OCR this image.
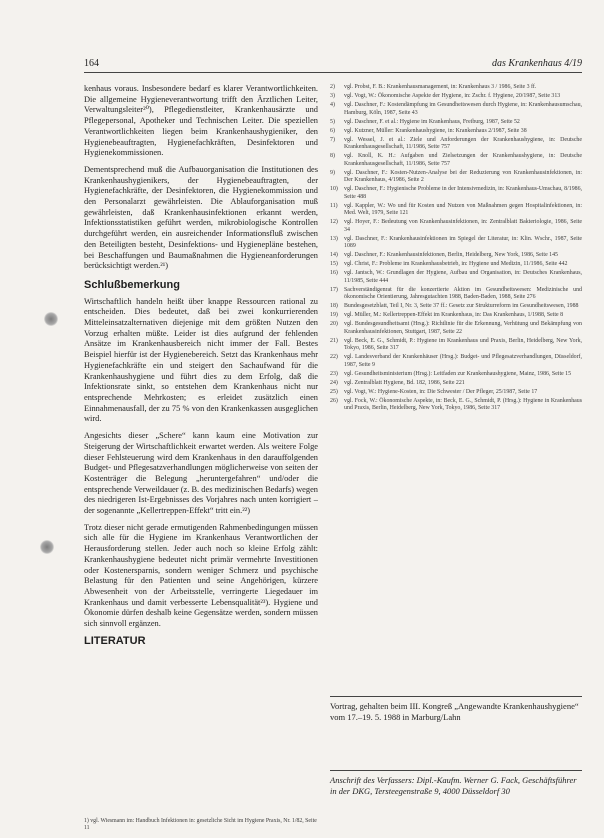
164	das Krankenhaus 4/19

kenhaus voraus. Insbesondere bedarf es klarer Verantwortlichkeiten. Die allgemeine Hygieneverantwortung trifft den Ärztlichen Leiter, Verwaltungsleiter²⁰), Pflegedienstleiter, Krankenhausärzte und Pflegepersonal, Apotheker und Technischen Leiter. Die speziellen Verantwortlichkeiten liegen beim Krankenhaushygieniker, den Hygienebeauftragten, Hygienefachkräften, Desinfektoren und Hygienekommissionen.

Dementsprechend muß die Aufbauorganisation die Institutionen des Krankenhaushygienikers, der Hygienebeauftragten, der Hygienefachkräfte, der Desinfektoren, die Hygienekommission und den Personalarzt gewährleisten. Die Ablauforganisation muß gewährleisten, daß Krankenhausinfektionen erkannt werden, Infektionsstatistiken geführt werden, mikrobiologische Kontrollen durchgeführt werden, ein ausreichender Informationsfluß zwischen den Beteiligten besteht, Desinfektions- und Hygienepläne bestehen, bei Beschaffungen und Baumaßnahmen die Hygieneanforderungen berücksichtigt werden.²¹)

Schlußbemerkung

Wirtschaftlich handeln heißt über knappe Ressourcen rational zu entscheiden. Dies bedeutet, daß bei zwei konkurrierenden Mitteleinsatzalternativen diejenige mit dem größten Nutzen den Vorzug erhalten müßte. Leider ist dies aufgrund der fehlenden Ansätze im Krankenhausbereich nicht immer der Fall. Bestes Beispiel hierfür ist der Hygienebereich. Setzt das Krankenhaus mehr Hygienefachkräfte ein und steigert den Sachaufwand für die Krankenhaushygiene und führt dies zu dem Erfolg, daß die Infektionsrate sinkt, so entstehen dem Krankenhaus nicht nur entsprechende Mehrkosten; es erleidet zusätzlich einen Einnahmenausfall, der zu 75 % von den Krankenkassen ausgeglichen wird.

Angesichts dieser „Schere“ kann kaum eine Motivation zur Steigerung der Wirtschaftlichkeit erwartet werden. Als weitere Folge dieser Fehlsteuerung wird dem Krankenhaus in den darauffolgenden Budget- und Pflegesatzverhandlungen möglicherweise von seiten der Kostenträger die Belegung „heruntergefahren“ und/oder die entsprechende Verweildauer (z. B. des medizinischen Bedarfs) wegen des niedrigeren Ist-Ergebnisses des Vorjahres nach unten korrigiert – der sogenannte „Kellertreppen-Effekt“ tritt ein.²²)

Trotz dieser nicht gerade ermutigenden Rahmenbedingungen müssen sich alle für die Hygiene im Krankenhaus Verantwortlichen der Herausforderung stellen. Jeder auch noch so kleine Erfolg zählt: Krankenhaushygiene bedeutet nicht primär vermehrte Investitionen oder Kostenersparnis, sondern weniger Schmerz und psychische Belastung für den Patienten und seine Angehörigen, kürzere Abwesenheit von der Arbeitsstelle, verringerte Liegedauer im Krankenhaus und damit verbesserte Lebensqualität²³). Hygiene und Ökonomie dürfen deshalb keine Gegensätze werden, sondern müssen sich sinnvoll ergänzen.

LITERATUR
1) vgl. Wiesmann im: Handbuch Infektionen in: gesetzliche Sicht im Hygiene Praxis, Nr. 1/82, Seite 11
2)	vgl. Probst, F. B.: Krankenhausmanagement, in: Krankenhaus 3 / 1986, Seite 3 ff.
3)	vgl. Vogt, W.: Ökonomische Aspekte der Hygiene, in: Zschr. f. Hygiene, 20/1987, Seite 313
4)	vgl. Daschner, F.: Kostendämpfung im Gesundheitswesen durch Hygiene, in: Krankenhausumschau, Hamburg, Köln, 1987, Seite 43
5)	vgl. Daschner, F. et al.: Hygiene im Krankenhaus, Freiburg, 1987, Seite 52
6)	vgl. Kutzner, Müller: Krankenhaushygiene, in: Krankenhaus 2/1987, Seite 38
7)	vgl. Wessel, J. et al.: Ziele und Anforderungen der Krankenhaushygiene, in: Deutsche Krankenhausgesellschaft, 11/1986, Seite 757
8)	vgl. Knoll, K. H.: Aufgaben und Zielsetzungen der Krankenhaushygiene, in: Deutsche Krankenhausgesellschaft, 11/1986, Seite 757
9)	vgl. Daschner, F.: Kosten-Nutzen-Analyse bei der Reduzierung von Krankenhausinfektionen, in: Der Krankenhaus, 4/1986, Seite 2
10)	vgl. Daschner, F.: Hygienische Probleme in der Intensivmedizin, in: Krankenhaus-Umschau, 8/1986, Seite 488
11)	vgl. Kappler, W.: Wo und für Kosten und Nutzen von Maßnahmen gegen Hospitalinfektionen, in: Med. Welt, 1979, Seite 121
12)	vgl. Hoyer, F.: Bedeutung von Krankenhausinfektionen, in: Zentralblatt Bakteriologie, 1986, Seite 34
13)	vgl. Daschner, F.: Krankenhausinfektionen im Spiegel der Literatur, in: Klin. Wschr., 1987, Seite 1089
14)	vgl. Daschner, F.: Krankenhausinfektionen, Berlin, Heidelberg, New York, 1986, Seite 145
15)	vgl. Christ, F.: Probleme im Krankenhausbetrieb, in: Hygiene und Medizin, 11/1986, Seite 442
16)	vgl. Jantsch, W.: Grundlagen der Hygiene, Aufbau und Organisation, in: Deutsches Krankenhaus, 11/1985, Seite 444
17)	Sachverständigenrat für die konzertierte Aktion im Gesundheitswesen: Medizinische und ökonomische Orientierung, Jahresgutachten 1988, Baden-Baden, 1988, Seite 276
18)	Bundesgesetzblatt, Teil I, Nr. 3, Seite 37 ff.: Gesetz zur Strukturreform im Gesundheitswesen, 1988
19)	vgl. Müller, M.: Kellertreppen-Effekt im Krankenhaus, in: Das Krankenhaus, 1/1988, Seite 8
20)	vgl. Bundesgesundheitsamt (Hrsg.): Richtlinie für die Erkennung, Verhütung und Bekämpfung von Krankenhausinfektionen, Stuttgart, 1987, Seite 22
21)	vgl. Beck, E. G., Schmidt, P.: Hygiene im Krankenhaus und Praxis, Berlin, Heidelberg, New York, Tokyo, 1986, Seite 317
22)	vgl. Landesverband der Krankenhäuser (Hrsg.): Budget- und Pflegesatzverhandlungen, Düsseldorf, 1987, Seite 9
23)	vgl. Gesundheitsministerium (Hrsg.): Leitfaden zur Krankenhaushygiene, Mainz, 1986, Seite 15
24)	vgl. Zentralblatt Hygiene, Bd. 182, 1986, Seite 221
25)	vgl. Vogt, W.: Hygiene-Kosten, in: Die Schwester / Der Pfleger, 25/1987, Seite 17
26)	vgl. Fock, W.: Ökonomische Aspekte, in: Beck, E. G., Schmidt, P. (Hrsg.): Hygiene in Krankenhaus und Praxis, Berlin, Heidelberg, New York, Tokyo, 1986, Seite 317
Vortrag, gehalten beim III. Kongreß „Angewandte Krankenhaushygiene“ vom 17.–19. 5. 1988 in Marburg/Lahn
Anschrift des Verfassers: Dipl.-Kaufm. Werner G. Fack, Geschäftsführer in der DKG, Tersteegenstraße 9, 4000 Düsseldorf 30
